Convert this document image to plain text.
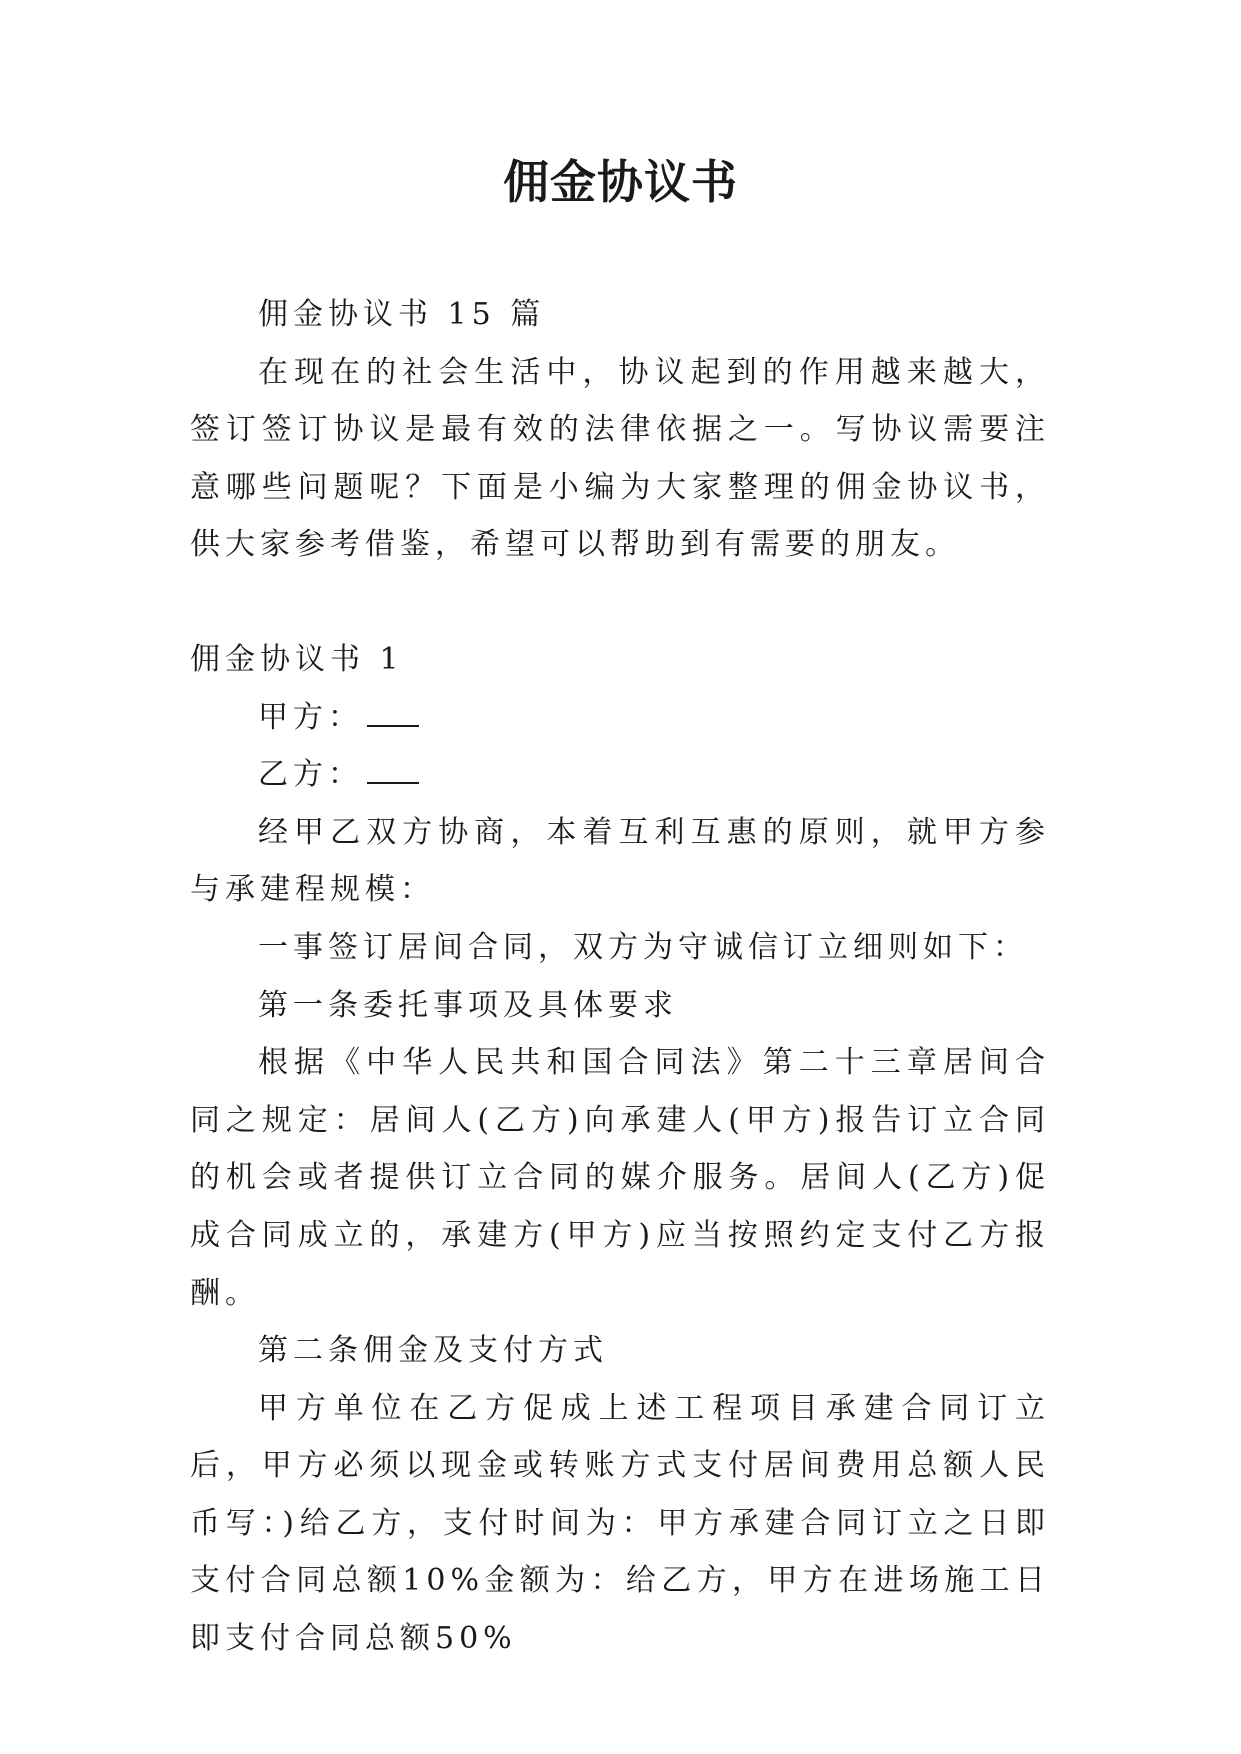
佣金协议书

佣金协议书 15 篇

在现在的社会生活中，协议起到的作用越来越大，签订签订协议是最有效的法律依据之一。写协议需要注意哪些问题呢？下面是小编为大家整理的佣金协议书，供大家参考借鉴，希望可以帮助到有需要的朋友。

佣金协议书 1

甲方：

乙方：

经甲乙双方协商，本着互利互惠的原则，就甲方参与承建程规模：

一事签订居间合同，双方为守诚信订立细则如下：

第一条委托事项及具体要求

根据《中华人民共和国合同法》第二十三章居间合同之规定：居间人(乙方)向承建人(甲方)报告订立合同的机会或者提供订立合同的媒介服务。居间人(乙方)促成合同成立的，承建方(甲方)应当按照约定支付乙方报酬。

第二条佣金及支付方式

甲方单位在乙方促成上述工程项目承建合同订立后，甲方必须以现金或转账方式支付居间费用总额人民币写：)给乙方，支付时间为：甲方承建合同订立之日即支付合同总额10%金额为：给乙方，甲方在进场施工日即支付合同总额50%
